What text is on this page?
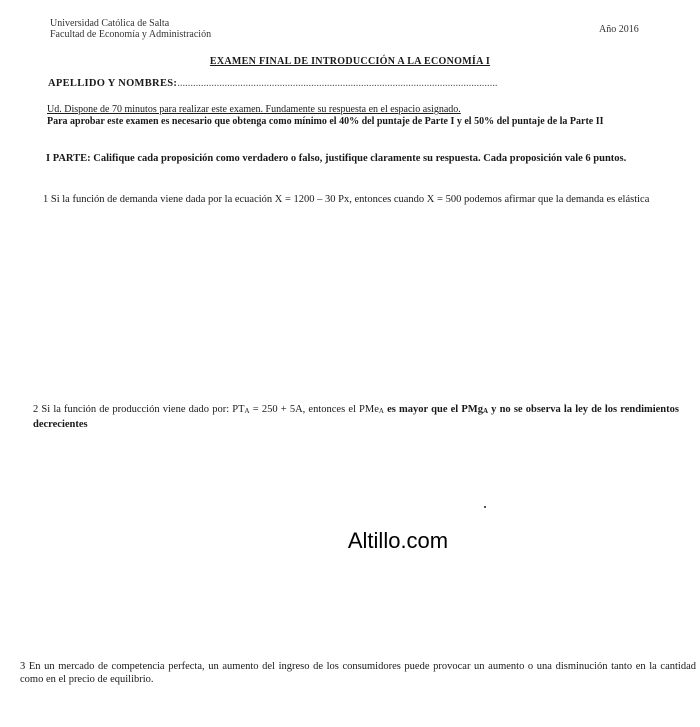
Universidad Católica de Salta
Facultad de Economía y Administración	Año 2016
EXAMEN FINAL DE INTRODUCCIÓN A LA ECONOMÍA I
APELLIDO Y NOMBRES:..........................................................................................................................
Ud. Dispone de 70 minutos para realizar este examen. Fundamente su respuesta en el espacio asignado.
Para aprobar este examen es necesario que obtenga como mínimo el 40% del puntaje de Parte I y el 50% del puntaje de la Parte II
I PARTE: Califique cada proposición como verdadero o falso, justifique claramente su respuesta. Cada proposición vale 6 puntos.
1 Si la función de demanda viene dada por la ecuación X = 1200 – 30 Px, entonces cuando X = 500 podemos afirmar que la demanda es elástica
2 Si la función de producción viene dado por: $PT_A = 250 + 5A$, entonces el PMe$_A$ es mayor que el PMg$_A$ y no se observa la ley de los rendimientos decrecientes
Altillo.com
3 En un mercado de competencia perfecta, un aumento del ingreso de los consumidores puede provocar un aumento o una disminución tanto en la cantidad como en el precio de equilibrio.
